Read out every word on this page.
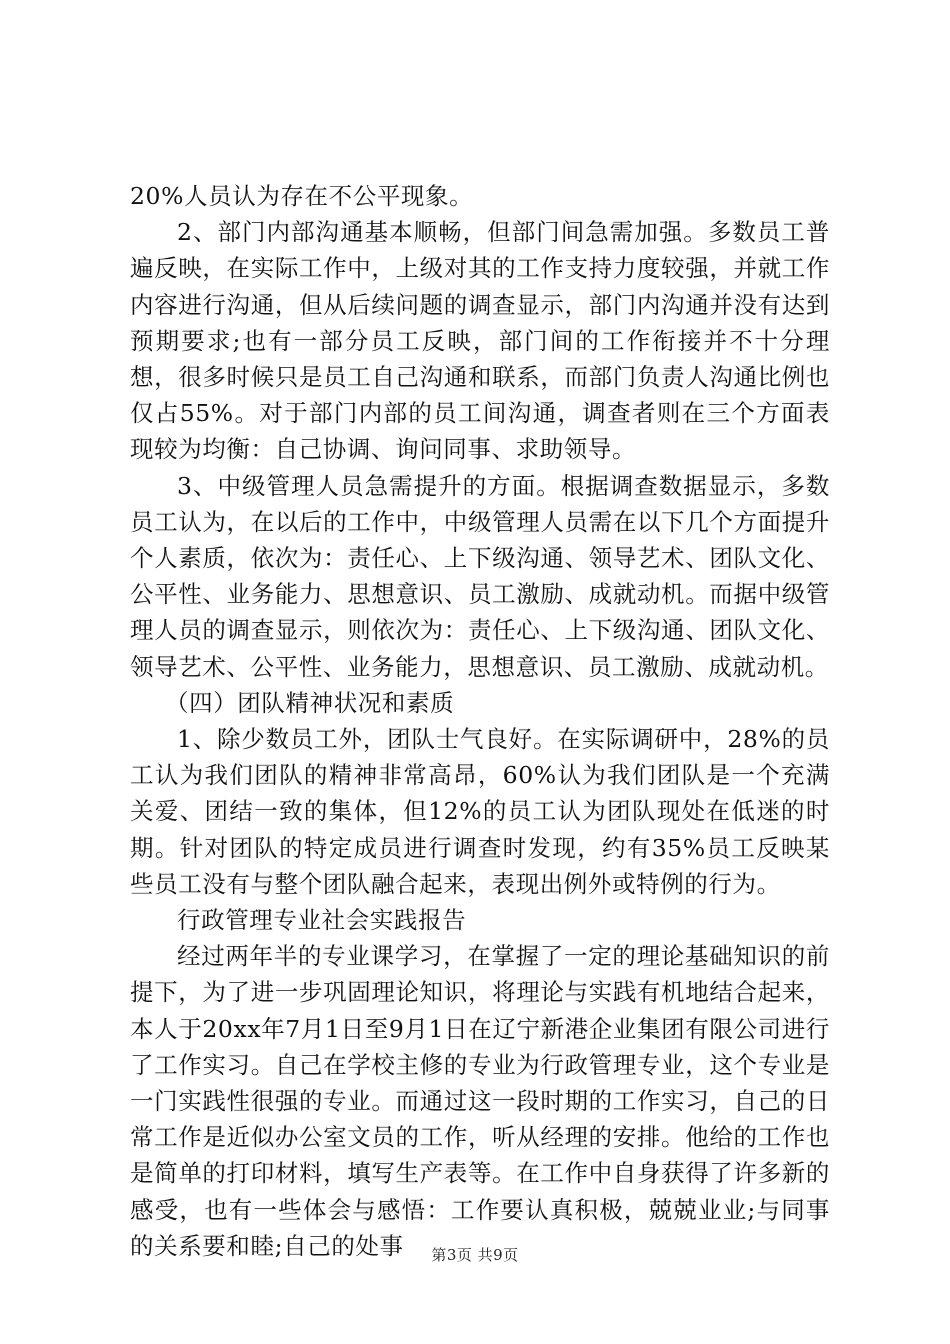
20%人员认为存在不公平现象。

2、部门内部沟通基本顺畅，但部门间急需加强。多数员工普遍反映，在实际工作中，上级对其的工作支持力度较强，并就工作内容进行沟通，但从后续问题的调查显示，部门内沟通并没有达到预期要求;也有一部分员工反映，部门间的工作衔接并不十分理想，很多时候只是员工自己沟通和联系，而部门负责人沟通比例也仅占55%。对于部门内部的员工间沟通，调查者则在三个方面表现较为均衡：自己协调、询问同事、求助领导。

3、中级管理人员急需提升的方面。根据调查数据显示，多数员工认为，在以后的工作中，中级管理人员需在以下几个方面提升个人素质，依次为：责任心、上下级沟通、领导艺术、团队文化、公平性、业务能力、思想意识、员工激励、成就动机。而据中级管理人员的调查显示，则依次为：责任心、上下级沟通、团队文化、领导艺术、公平性、业务能力，思想意识、员工激励、成就动机。

（四）团队精神状况和素质

1、除少数员工外，团队士气良好。在实际调研中，28%的员工认为我们团队的精神非常高昂，60%认为我们团队是一个充满关爱、团结一致的集体，但12%的员工认为团队现处在低迷的时期。针对团队的特定成员进行调查时发现，约有35%员工反映某些员工没有与整个团队融合起来，表现出例外或特例的行为。

行政管理专业社会实践报告

经过两年半的专业课学习，在掌握了一定的理论基础知识的前提下，为了进一步巩固理论知识，将理论与实践有机地结合起来，本人于20xx年7月1日至9月1日在辽宁新港企业集团有限公司进行了工作实习。自己在学校主修的专业为行政管理专业，这个专业是一门实践性很强的专业。而通过这一段时期的工作实习，自己的日常工作是近似办公室文员的工作，听从经理的安排。他给的工作也是简单的打印材料，填写生产表等。在工作中自身获得了许多新的感受，也有一些体会与感悟：工作要认真积极，兢兢业业;与同事的关系要和睦;自己的处事	第3页 共9页
